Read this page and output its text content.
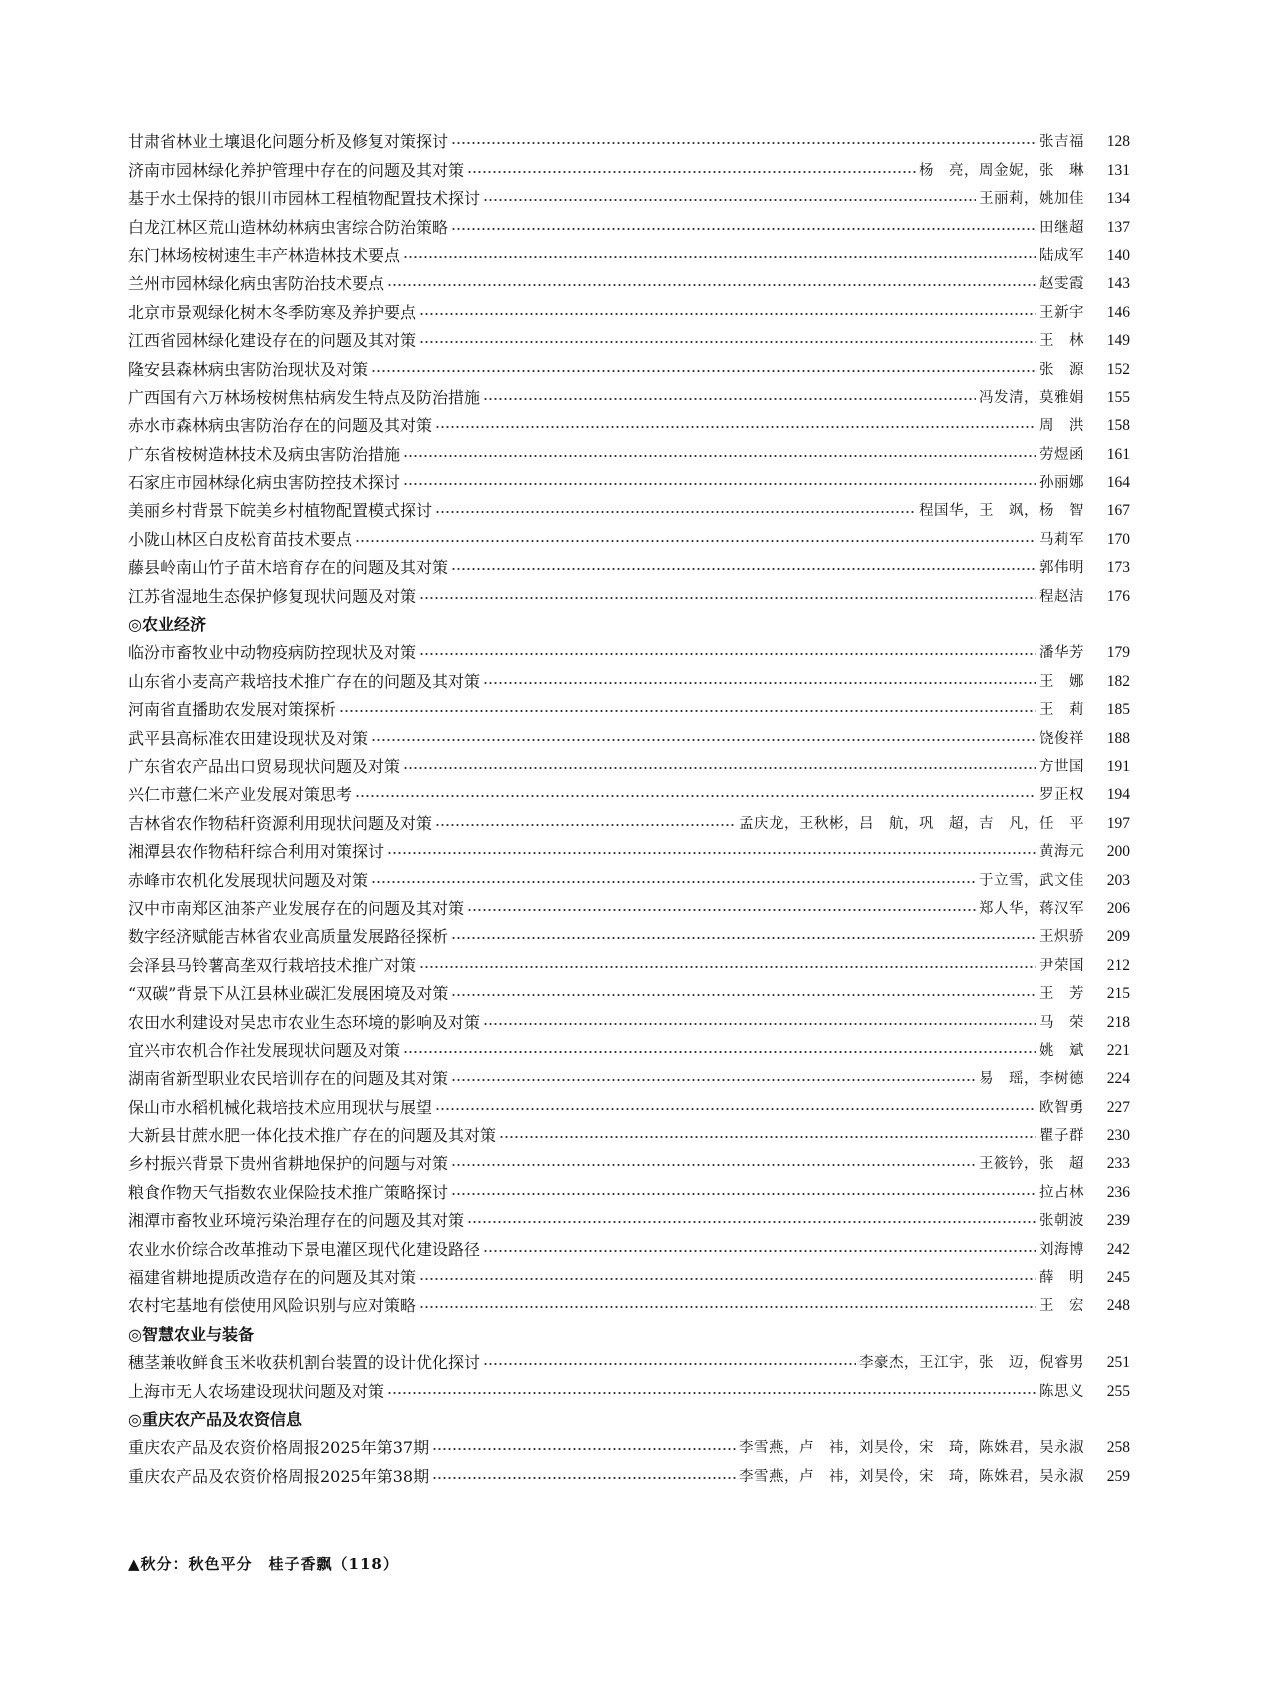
甘肃省林业土壤退化问题分析及修复对策探讨	张吉福	128
济南市园林绿化养护管理中存在的问题及其对策	杨　亮，周金妮，张　琳	131
基于水土保持的银川市园林工程植物配置技术探讨	王丽莉，姚加佳	134
白龙江林区荒山造林幼林病虫害综合防治策略	田继超	137
东门林场桉树速生丰产林造林技术要点	陆成军	140
兰州市园林绿化病虫害防治技术要点	赵雯霞	143
北京市景观绿化树木冬季防寒及养护要点	王新宇	146
江西省园林绿化建设存在的问题及其对策	王　林	149
隆安县森林病虫害防治现状及对策	张　源	152
广西国有六万林场桉树焦枯病发生特点及防治措施	冯发清，莫雅娟	155
赤水市森林病虫害防治存在的问题及其对策	周　洪	158
广东省桉树造林技术及病虫害防治措施	劳煜函	161
石家庄市园林绿化病虫害防控技术探讨	孙丽娜	164
美丽乡村背景下皖美乡村植物配置模式探讨	程国华，王　飒，杨　智	167
小陇山林区白皮松育苗技术要点	马莉军	170
藤县岭南山竹子苗木培育存在的问题及其对策	郭伟明	173
江苏省湿地生态保护修复现状问题及对策	程赵洁	176
◎农业经济
临汾市畜牧业中动物疫病防控现状及对策	潘华芳	179
山东省小麦高产栽培技术推广存在的问题及其对策	王　娜	182
河南省直播助农发展对策探析	王　莉	185
武平县高标准农田建设现状及对策	饶俊祥	188
广东省农产品出口贸易现状问题及对策	方世国	191
兴仁市薏仁米产业发展对策思考	罗正权	194
吉林省农作物秸秆资源利用现状问题及对策	孟庆龙，王秋彬，吕　航，巩　超，吉　凡，任　平	197
湘潭县农作物秸秆综合利用对策探讨	黄海元	200
赤峰市农机化发展现状问题及对策	于立雪，武文佳	203
汉中市南郑区油茶产业发展存在的问题及其对策	郑人华，蒋汉军	206
数字经济赋能吉林省农业高质量发展路径探析	王炽骄	209
会泽县马铃薯高垄双行栽培技术推广对策	尹荣国	212
“双碳”背景下从江县林业碳汇发展困境及对策	王　芳	215
农田水利建设对吴忠市农业生态环境的影响及对策	马　荣	218
宜兴市农机合作社发展现状问题及对策	姚　斌	221
湖南省新型职业农民培训存在的问题及其对策	易　瑶，李树德	224
保山市水稻机械化栽培技术应用现状与展望	欧智勇	227
大新县甘蔗水肥一体化技术推广存在的问题及其对策	瞿子群	230
乡村振兴背景下贵州省耕地保护的问题与对策	王筱钤，张　超	233
粮食作物天气指数农业保险技术推广策略探讨	拉占林	236
湘潭市畜牧业环境污染治理存在的问题及其对策	张朝波	239
农业水价综合改革推动下景电灌区现代化建设路径	刘海博	242
福建省耕地提质改造存在的问题及其对策	薛　明	245
农村宅基地有偿使用风险识别与应对策略	王　宏	248
◎智慧农业与装备
穗茎兼收鲜食玉米收获机割台装置的设计优化探讨	李豪杰，王江宇，张　迈，倪睿男	251
上海市无人农场建设现状问题及对策	陈思义	255
◎重庆农产品及农资信息
重庆农产品及农资价格周报2025年第37期	李雪燕，卢　祎，刘昊伶，宋　琦，陈姝君，吴永淑	258
重庆农产品及农资价格周报2025年第38期	李雪燕，卢　祎，刘昊伶，宋　琦，陈姝君，吴永淑	259
▲秋分：秋色平分　桂子香飘（118）
